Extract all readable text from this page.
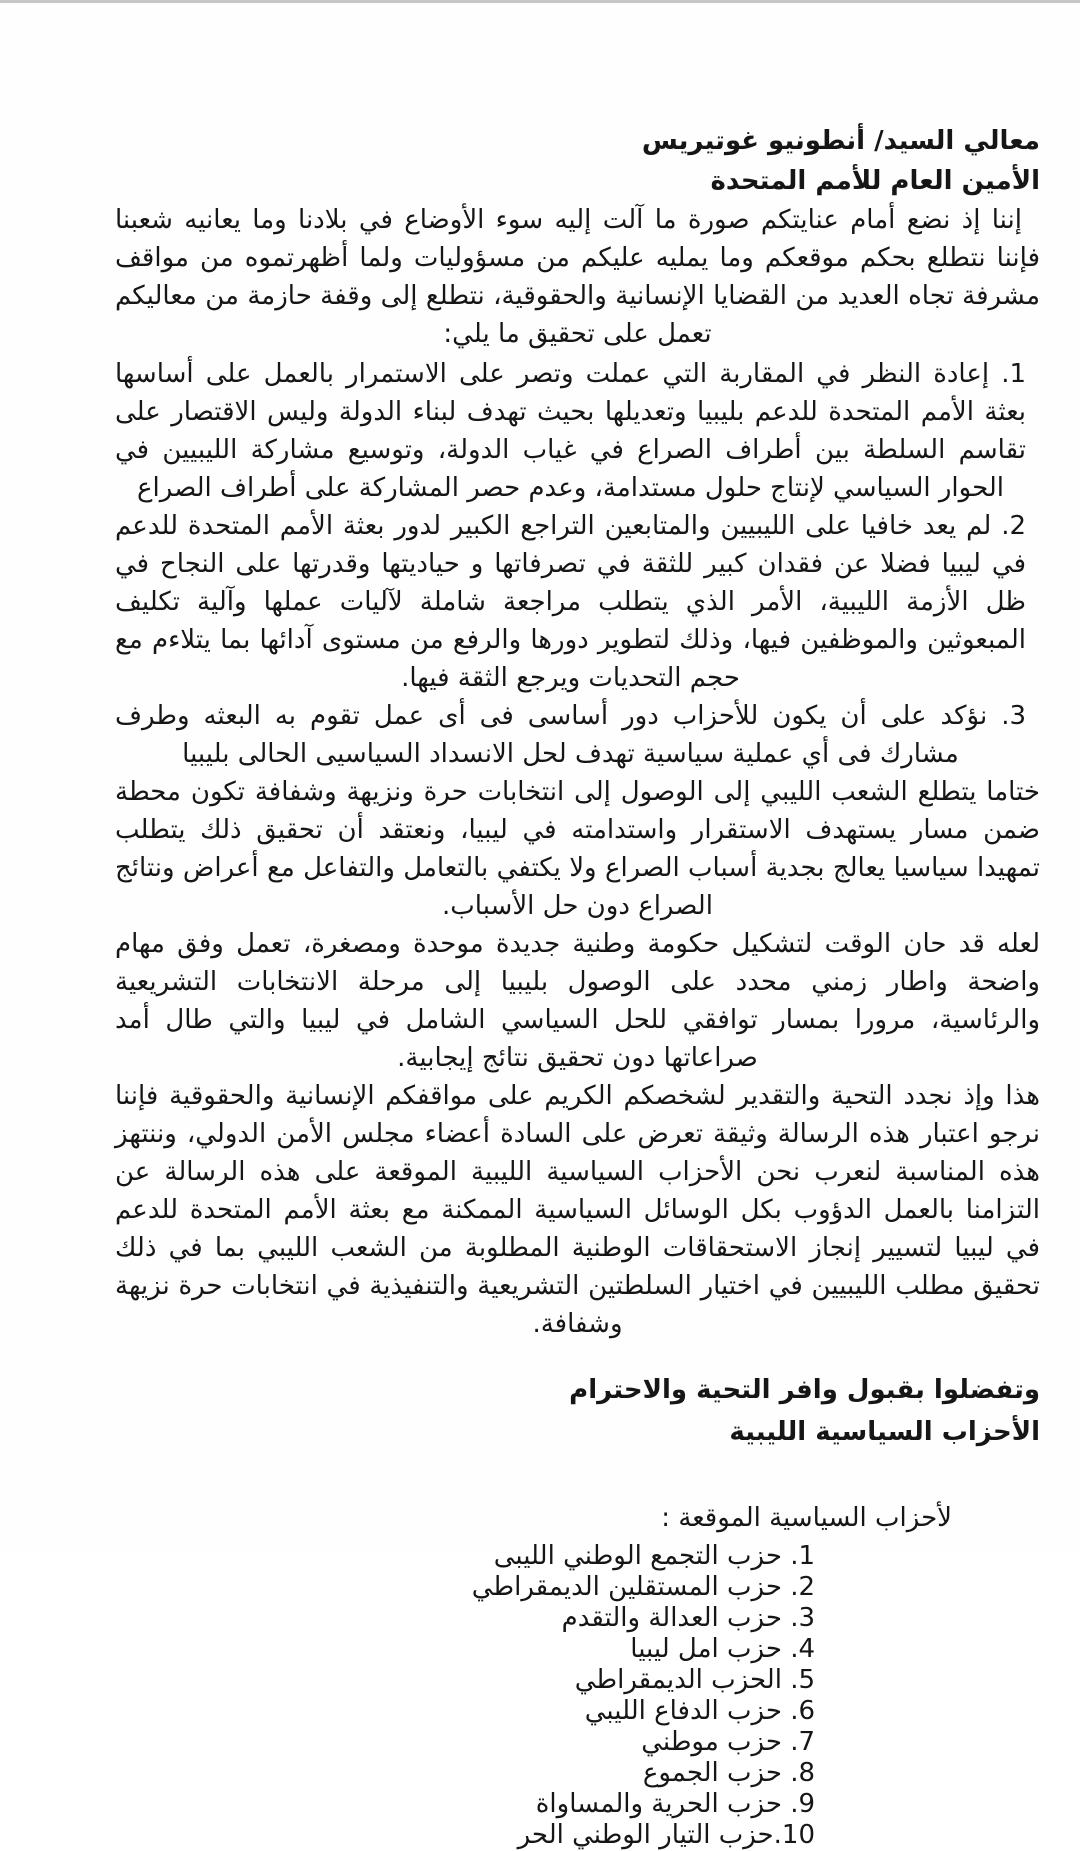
معالي السيد/ أنطونيو غوتيريس
الأمين العام للأمم المتحدة

إننا إذ نضع أمام عنايتكم صورة ما آلت إليه سوء الأوضاع في بلادنا وما يعانيه شعبنا فإننا نتطلع بحكم موقعكم وما يمليه عليكم من مسؤوليات ولما أظهرتموه من مواقف مشرفة تجاه العديد من القضايا الإنسانية والحقوقية، نتطلع إلى وقفة حازمة من معاليكم تعمل على تحقيق ما يلي:

1. إعادة النظر في المقاربة التي عملت وتصر على الاستمرار بالعمل على أساسها بعثة الأمم المتحدة للدعم بليبيا وتعديلها بحيث تهدف لبناء الدولة وليس الاقتصار على تقاسم السلطة بين أطراف الصراع في غياب الدولة، وتوسيع مشاركة الليبيين في الحوار السياسي لإنتاج حلول مستدامة، وعدم حصر المشاركة على أطراف الصراع

2. لم يعد خافيا على الليبيين والمتابعين التراجع الكبير لدور بعثة الأمم المتحدة للدعم في ليبيا فضلا عن فقدان كبير للثقة في تصرفاتها و حياديتها وقدرتها على النجاح في ظل الأزمة الليبية، الأمر الذي يتطلب مراجعة شاملة لآليات عملها وآلية تكليف المبعوثين والموظفين فيها، وذلك لتطوير دورها والرفع من مستوى آدائها بما يتلاءم مع حجم التحديات ويرجع الثقة فيها.

3. نؤكد على أن يكون للأحزاب دور أساسى فى أى عمل تقوم به البعثه وطرف مشارك فى أي عملية سياسية تهدف لحل الانسداد السياسيى الحالى بليبيا

ختاما يتطلع الشعب الليبي إلى الوصول إلى انتخابات حرة ونزيهة وشفافة تكون محطة ضمن مسار يستهدف الاستقرار واستدامته في ليبيا، ونعتقد أن تحقيق ذلك يتطلب تمهيدا سياسيا يعالج بجدية أسباب الصراع ولا يكتفي بالتعامل والتفاعل مع أعراض ونتائج الصراع دون حل الأسباب.

لعله قد حان الوقت لتشكيل حكومة وطنية جديدة موحدة ومصغرة، تعمل وفق مهام واضحة واطار زمني محدد على الوصول بليبيا إلى مرحلة الانتخابات التشريعية والرئاسية، مرورا بمسار توافقي للحل السياسي الشامل في ليبيا والتي طال أمد صراعاتها دون تحقيق نتائج إيجابية.

هذا وإذ نجدد التحية والتقدير لشخصكم الكريم على مواقفكم الإنسانية والحقوقية فإننا نرجو اعتبار هذه الرسالة وثيقة تعرض على السادة أعضاء مجلس الأمن الدولي، وننتهز هذه المناسبة لنعرب نحن الأحزاب السياسية الليبية الموقعة على هذه الرسالة عن التزامنا بالعمل الدؤوب بكل الوسائل السياسية الممكنة مع بعثة الأمم المتحدة للدعم في ليبيا لتسيير إنجاز الاستحقاقات الوطنية المطلوبة من الشعب الليبي بما في ذلك تحقيق مطلب الليبيين في اختيار السلطتين التشريعية والتنفيذية في انتخابات حرة نزيهة وشفافة.

وتفضلوا بقبول وافر التحية والاحترام
الأحزاب السياسية الليبية
لأحزاب السياسية الموقعة :
1. حزب التجمع الوطني الليبى
2. حزب المستقلين الديمقراطي
3. حزب العدالة والتقدم
4. حزب امل ليبيا
5. الحزب الديمقراطي
6. حزب الدفاع الليبي
7. حزب موطني
8. حزب الجموع
9. حزب الحرية والمساواة
10.حزب التيار الوطني الحر
